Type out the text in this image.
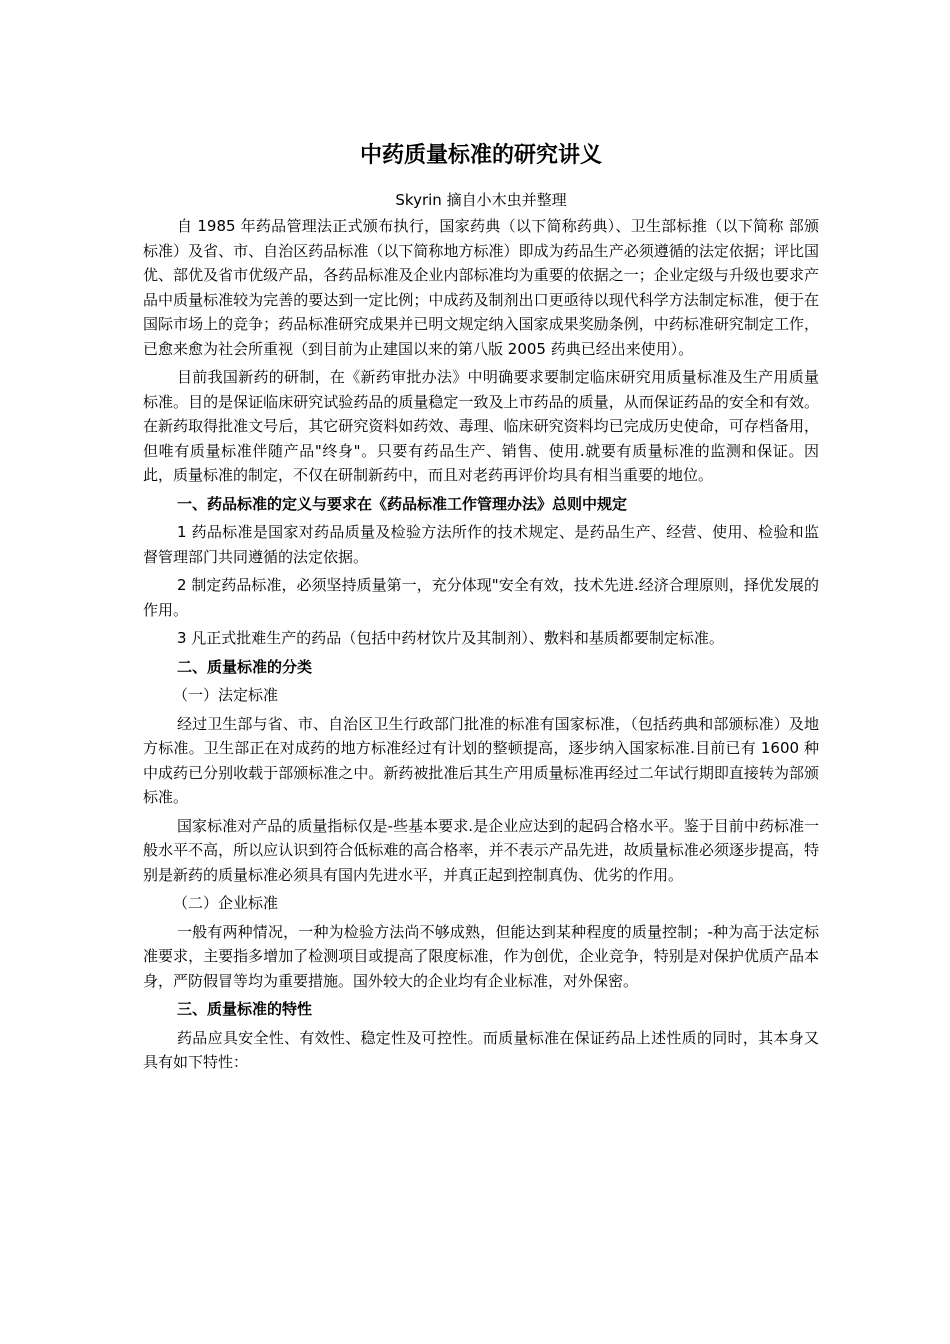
中药质量标准的研究讲义
Skyrin 摘自小木虫并整理

自 1985 年药品管理法正式颁布执行，国家药典（以下简称药典）、卫生部标推（以下简称 部颁标准）及省、市、自治区药品标准（以下简称地方标准）即成为药品生产必须遵循的法定依据；评比国优、部优及省市优级产品，各药品标准及企业内部标准均为重要的依据之一；企业定级与升级也要求产品中质量标准较为完善的要达到一定比例；中成药及制剂出口更亟待以现代科学方法制定标准，便于在国际市场上的竞争；药品标准研究成果并已明文规定纳入国家成果奖励条例，中药标准研究制定工作，已愈来愈为社会所重视（到目前为止建国以来的第八版 2005 药典已经出来使用）。

目前我国新药的研制，在《新药审批办法》中明确要求要制定临床研究用质量标准及生产用质量标准。目的是保证临床研究试验药品的质量稳定一致及上市药品的质量，从而保证药品的安全和有效。在新药取得批准文号后，其它研究资料如药效、毒理、临床研究资料均已完成历史使命，可存档备用，但唯有质量标准伴随产品"终身"。只要有药品生产、销售、使用.就要有质量标准的监测和保证。因此，质量标准的制定，不仅在研制新药中，而且对老药再评价均具有相当重要的地位。

一、药品标准的定义与要求在《药品标准工作管理办法》总则中规定

1 药品标准是国家对药品质量及检验方法所作的技术规定、是药品生产、经营、使用、检验和监督管理部门共同遵循的法定依据。

2 制定药品标准，必须坚持质量第一，充分体现"安全有效，技术先进.经济合理原则，择优发展的作用。

3 凡正式批难生产的药品（包括中药材饮片及其制剂）、敷料和基质都要制定标准。

二、质量标准的分类

（一）法定标准

经过卫生部与省、市、自治区卫生行政部门批准的标准有国家标准，（包括药典和部颁标准）及地方标准。卫生部正在对成药的地方标准经过有计划的整顿提高，逐步纳入国家标准.目前已有 1600 种中成药已分别收载于部颁标准之中。新药被批准后其生产用质量标准再经过二年试行期即直接转为部颁标准。

国家标准对产品的质量指标仅是-些基本要求.是企业应达到的起码合格水平。鉴于目前中药标准一般水平不高，所以应认识到符合低标难的高合格率，并不表示产品先进，故质量标准必须逐步提高，特别是新药的质量标准必须具有国内先进水平，并真正起到控制真伪、优劣的作用。

（二）企业标准

一般有两种情况，一种为检验方法尚不够成熟，但能达到某种程度的质量控制；-种为高于法定标准要求，主要指多增加了检测项目或提高了限度标准，作为创优，企业竞争，特别是对保护优质产品本身，严防假冒等均为重要措施。国外较大的企业均有企业标准，对外保密。

三、质量标准的特性

药品应具安全性、有效性、稳定性及可控性。而质量标准在保证药品上述性质的同时，其本身又具有如下特性：
